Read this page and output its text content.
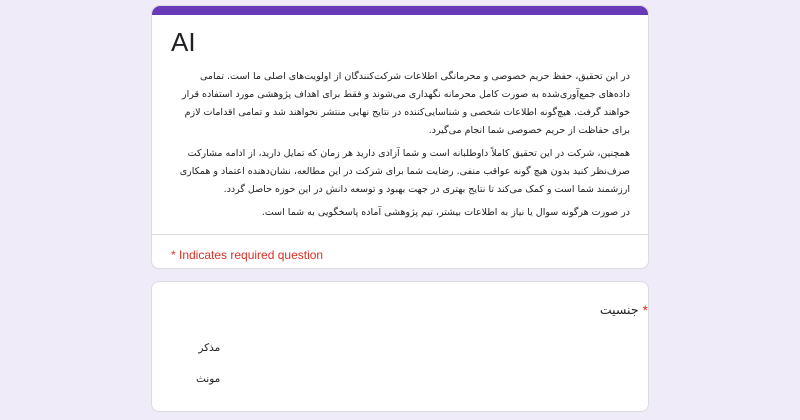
AI

در این تحقیق، حفظ حریم خصوصی و محرمانگی اطلاعات شرکت‌کنندگان از اولویت‌های اصلی ما است. تمامی داده‌های جمع‌آوری‌شده به صورت کامل محرمانه نگهداری می‌شوند و فقط برای اهداف پژوهشی مورد استفاده قرار خواهند گرفت. هیچ‌گونه اطلاعات شخصی و شناسایی‌کننده در نتایج نهایی منتشر نخواهند شد و تمامی اقدامات لازم برای حفاظت از حریم خصوصی شما انجام می‌گیرد.

همچنین، شرکت در این تحقیق کاملاً داوطلبانه است و شما آزادی دارید هر زمان که تمایل دارید، از ادامه مشارکت صرف‌نظر کنید بدون هیچ گونه عواقب منفی. رضایت شما برای شرکت در این مطالعه، نشان‌دهنده اعتماد و همکاری ارزشمند شما است و کمک می‌کند تا نتایج بهتری در جهت بهبود و توسعه دانش در این حوزه حاصل گردد.

در صورت هرگونه سوال یا نیاز به اطلاعات بیشتر، تیم پژوهشی آماده پاسخگویی به شما است.

* Indicates required question
جنسیت *
مذکر
مونث
